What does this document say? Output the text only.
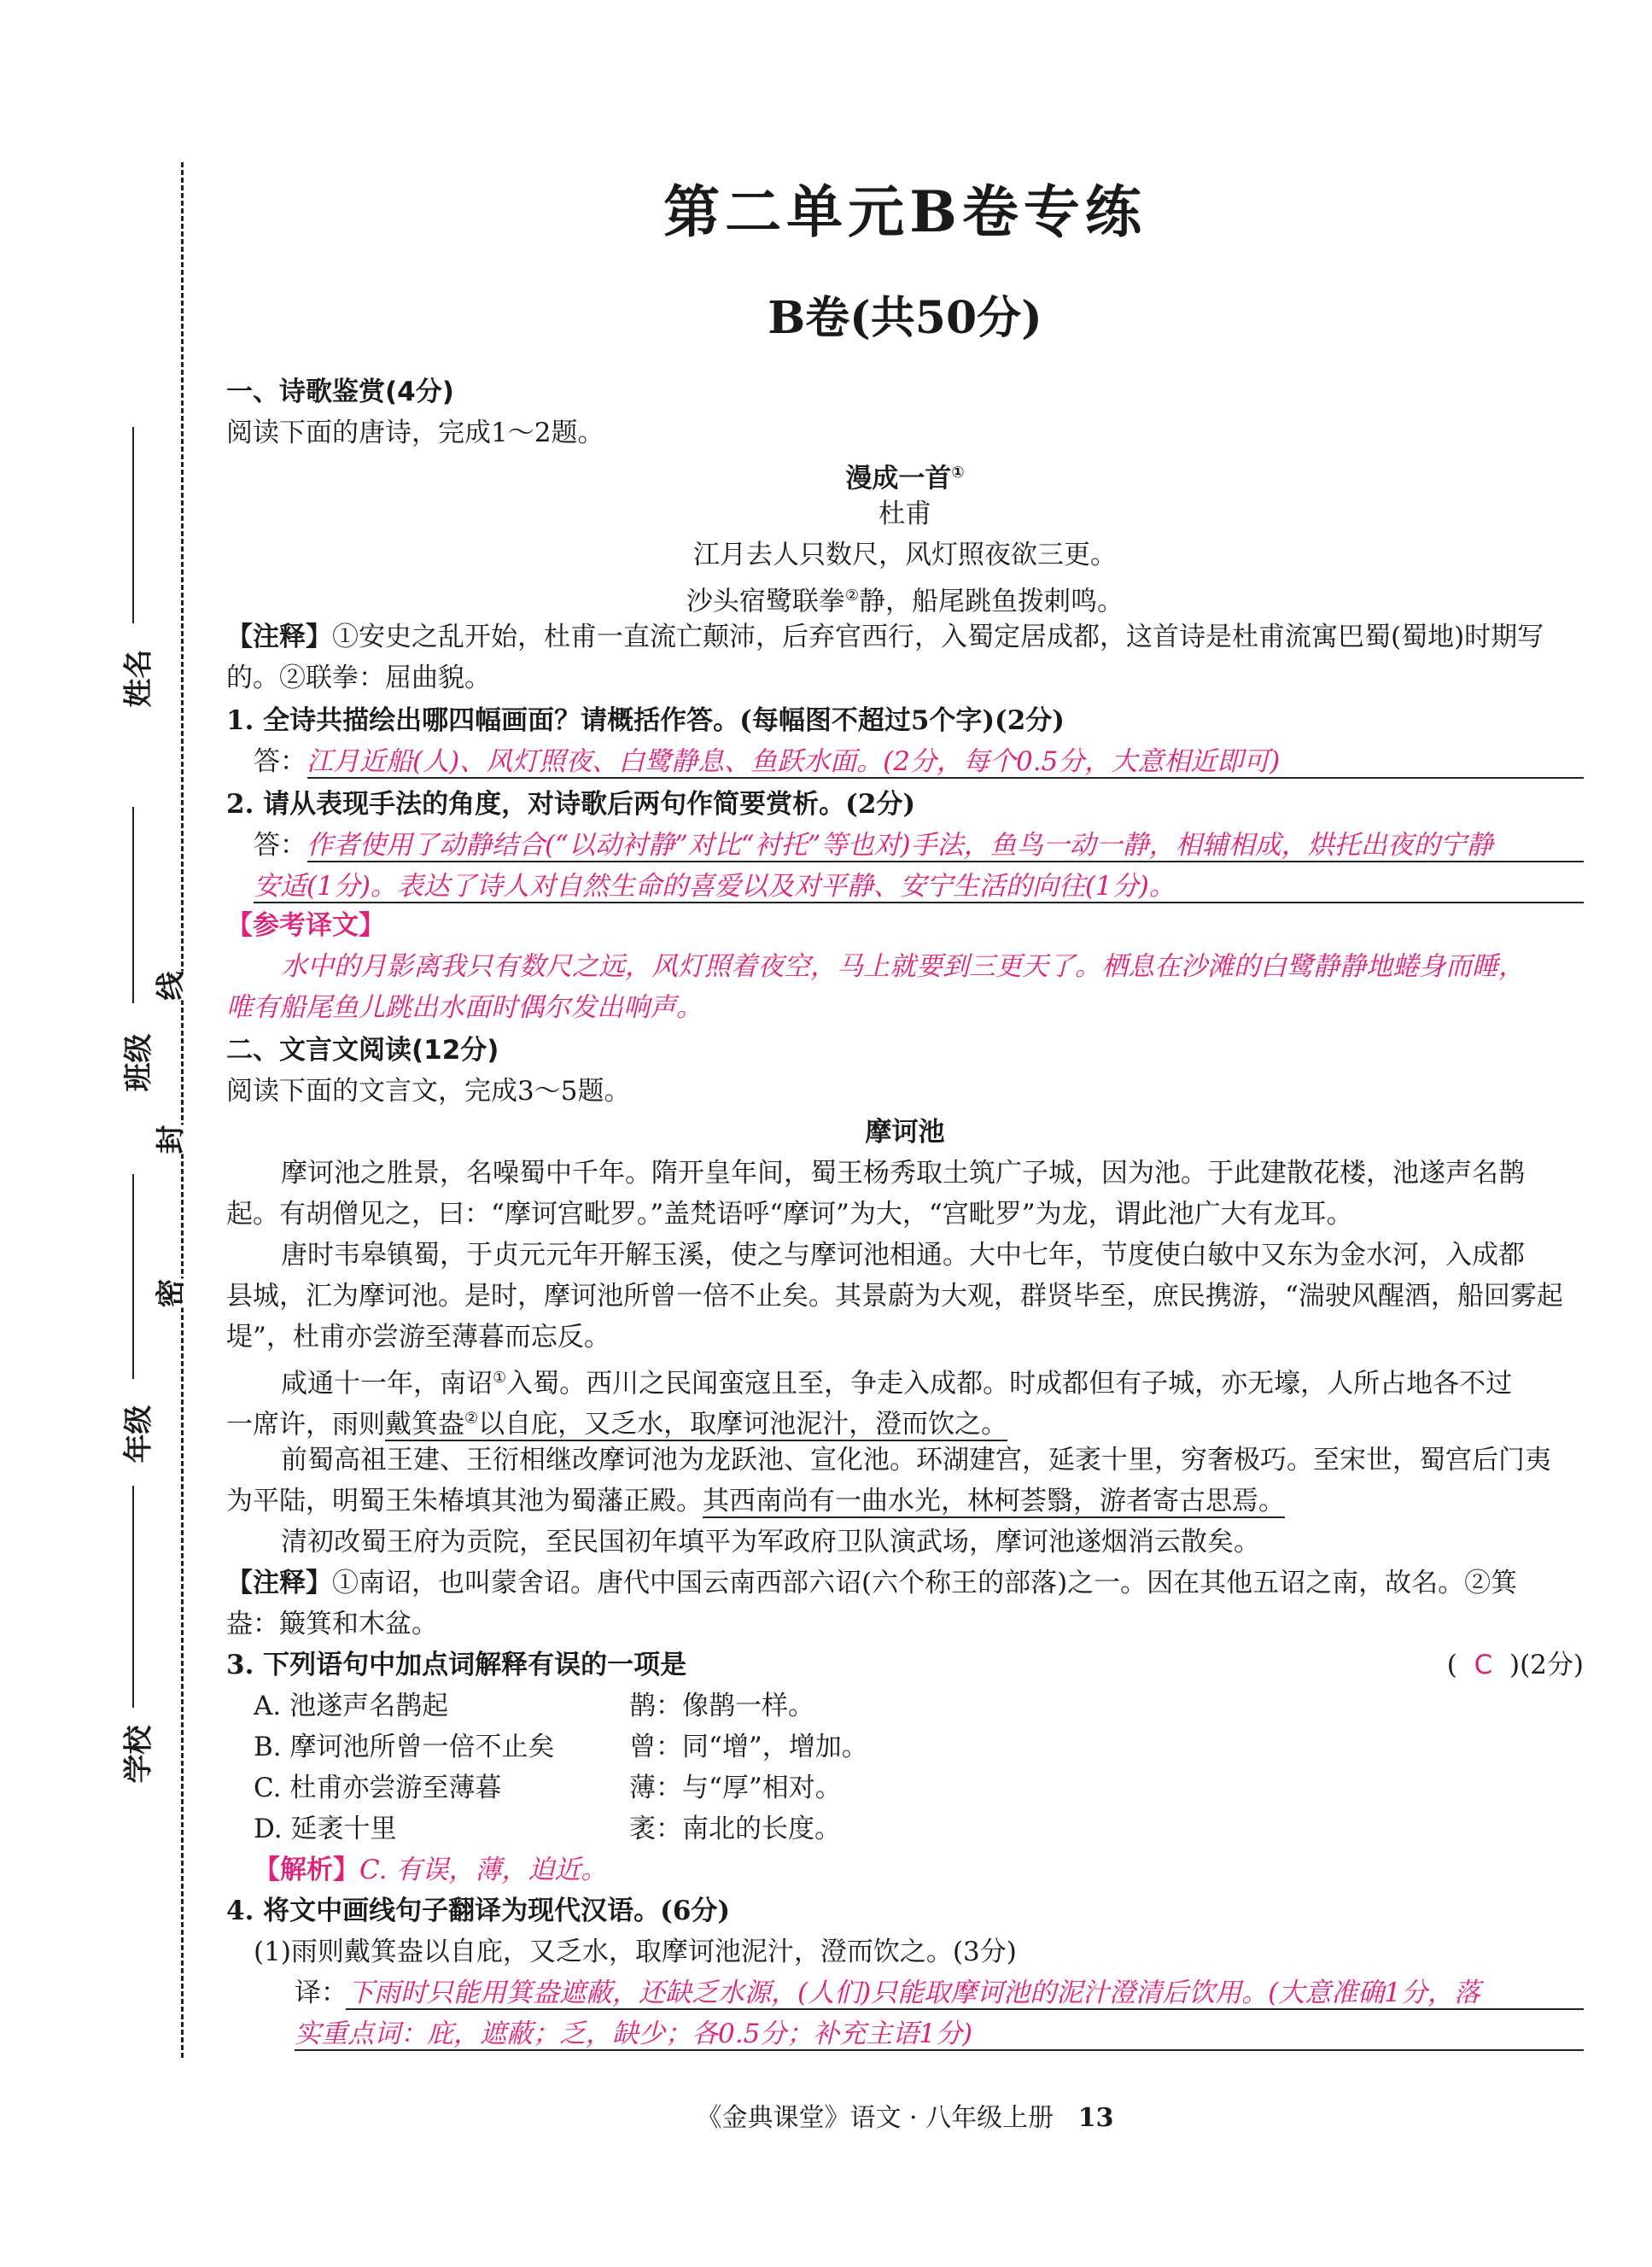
线
封
密
姓名
班级
年级
学校
第二单元B卷专练
B卷(共50分)
一、诗歌鉴赏(4分)
阅读下面的唐诗，完成1～2题。
漫成一首①
杜甫
江月去人只数尺，风灯照夜欲三更。
沙头宿鹭联拳②静，船尾跳鱼拨剌鸣。
【注释】①安史之乱开始，杜甫一直流亡颠沛，后弃官西行，入蜀定居成都，这首诗是杜甫流寓巴蜀(蜀地)时期写
的。②联拳：屈曲貌。
1. 全诗共描绘出哪四幅画面？请概括作答。(每幅图不超过5个字)(2分)
答：江月近船(人)、风灯照夜、白鹭静息、鱼跃水面。(2分，每个0.5分，大意相近即可)
2. 请从表现手法的角度，对诗歌后两句作简要赏析。(2分)
答：作者使用了动静结合(“以动衬静”对比“衬托”等也对)手法，鱼鸟一动一静，相辅相成，烘托出夜的宁静
安适(1分)。表达了诗人对自然生命的喜爱以及对平静、安宁生活的向往(1分)。
【参考译文】
水中的月影离我只有数尺之远，风灯照着夜空，马上就要到三更天了。栖息在沙滩的白鹭静静地蜷身而睡，
唯有船尾鱼儿跳出水面时偶尔发出响声。
二、文言文阅读(12分)
阅读下面的文言文，完成3～5题。
摩诃池
摩诃池之胜景，名噪蜀中千年。隋开皇年间，蜀王杨秀取土筑广子城，因为池。于此建散花楼，池遂声名鹊
起。有胡僧见之，曰：“摩诃宫毗罗。”盖梵语呼“摩诃”为大，“宫毗罗”为龙，谓此池广大有龙耳。
唐时韦皋镇蜀，于贞元元年开解玉溪，使之与摩诃池相通。大中七年，节度使白敏中又东为金水河，入成都
县城，汇为摩诃池。是时，摩诃池所曾一倍不止矣。其景蔚为大观，群贤毕至，庶民携游，“湍驶风醒酒，船回雾起
堤”，杜甫亦尝游至薄暮而忘反。
咸通十一年，南诏①入蜀。西川之民闻蛮寇且至，争走入成都。时成都但有子城，亦无壕，人所占地各不过
一席许，雨则戴箕盎②以自庇，又乏水，取摩诃池泥汁，澄而饮之。
前蜀高祖王建、王衍相继改摩诃池为龙跃池、宣化池。环湖建宫，延袤十里，穷奢极巧。至宋世，蜀宫后门夷
为平陆，明蜀王朱椿填其池为蜀藩正殿。其西南尚有一曲水光，林柯荟翳，游者寄古思焉。
清初改蜀王府为贡院，至民国初年填平为军政府卫队演武场，摩诃池遂烟消云散矣。
【注释】①南诏，也叫蒙舍诏。唐代中国云南西部六诏(六个称王的部落)之一。因在其他五诏之南，故名。②箕
盎：簸箕和木盆。
3. 下列语句中加点词解释有误的一项是	( C )(2分)
A. 池遂声名鹊起	鹊：像鹊一样。
B. 摩诃池所曾一倍不止矣	曾：同“增”，增加。
C. 杜甫亦尝游至薄暮	薄：与“厚”相对。
D. 延袤十里	袤：南北的长度。
【解析】C. 有误，薄，迫近。
4. 将文中画线句子翻译为现代汉语。(6分)
(1)雨则戴箕盎以自庇，又乏水，取摩诃池泥汁，澄而饮之。(3分)
译：下雨时只能用箕盎遮蔽，还缺乏水源，(人们)只能取摩诃池的泥汁澄清后饮用。(大意准确1分，落
实重点词：庇，遮蔽；乏，缺少；各0.5分；补充主语1分)
《金典课堂》语文 · 八年级上册 13
